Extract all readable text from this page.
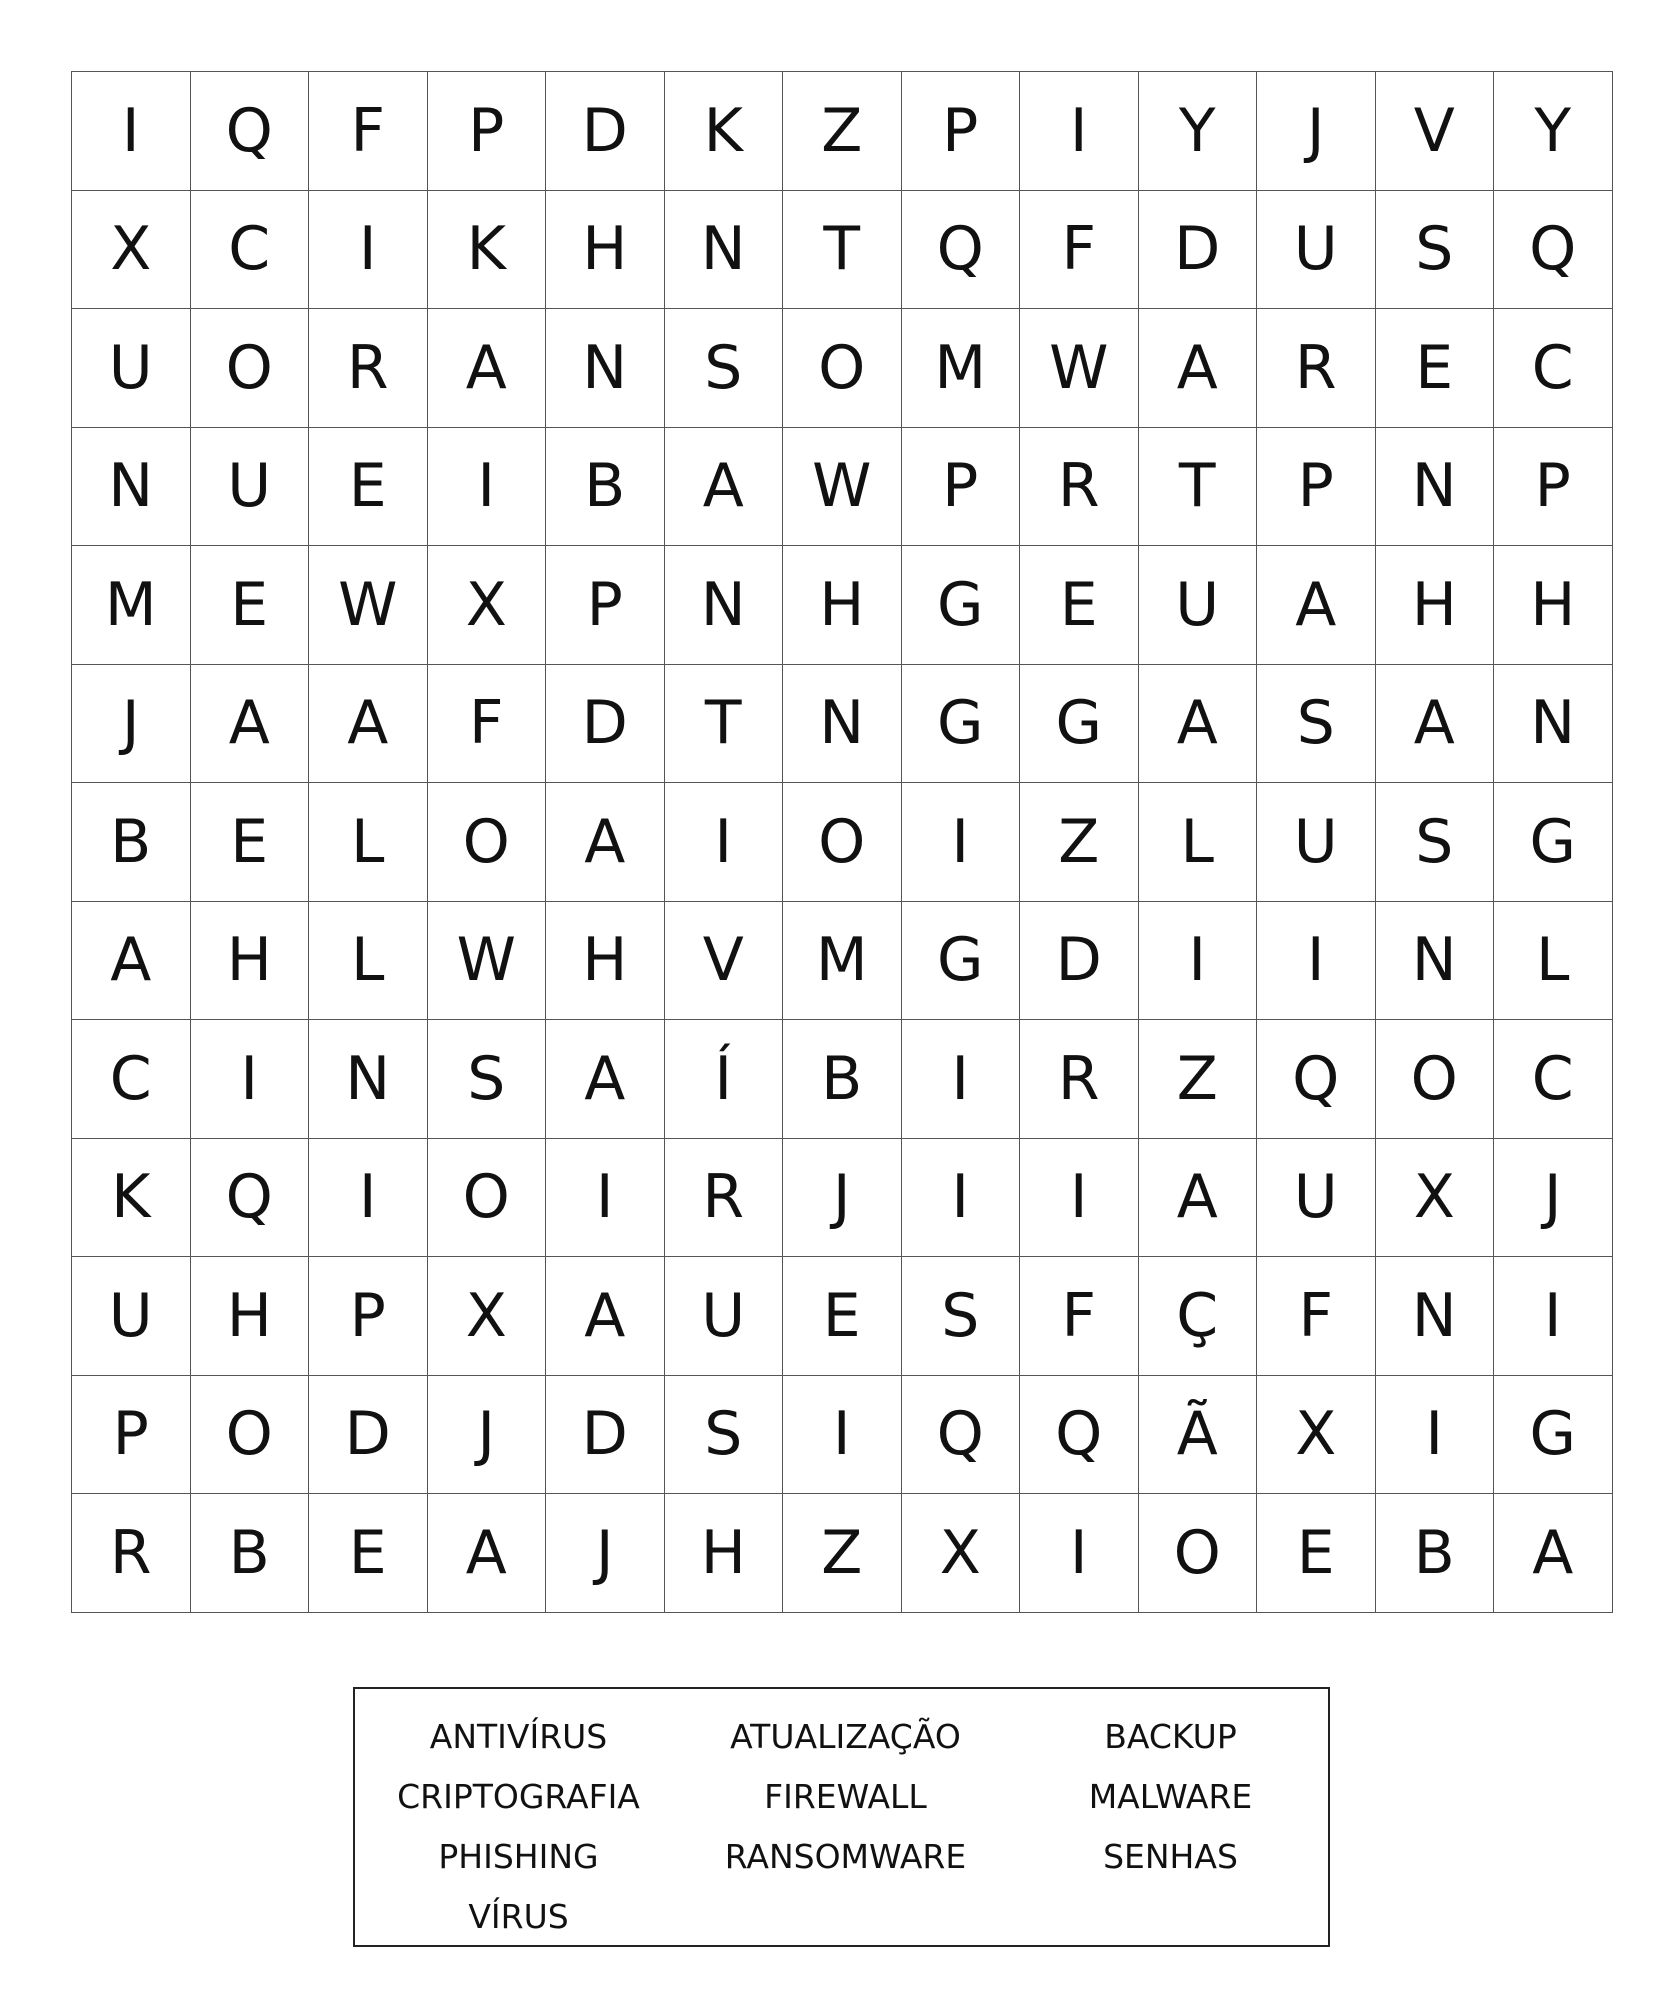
I	Q	F	P	D	K	Z	P	I	Y	J	V	Y
X	C	I	K	H	N	T	Q	F	D	U	S	Q
U	O	R	A	N	S	O	M	W	A	R	E	C
N	U	E	I	B	A	W	P	R	T	P	N	P
M	E	W	X	P	N	H	G	E	U	A	H	H
J	A	A	F	D	T	N	G	G	A	S	A	N
B	E	L	O	A	I	O	I	Z	L	U	S	G
A	H	L	W	H	V	M	G	D	I	I	N	L
C	I	N	S	A	Í	B	I	R	Z	Q	O	C
K	Q	I	O	I	R	J	I	I	A	U	X	J
U	H	P	X	A	U	E	S	F	Ç	F	N	I
P	O	D	J	D	S	I	Q	Q	Ã	X	I	G
R	B	E	A	J	H	Z	X	I	O	E	B	A
ANTIVÍRUS	ATUALIZAÇÃO	BACKUP
CRIPTOGRAFIA	FIREWALL	MALWARE
PHISHING	RANSOMWARE	SENHAS
VÍRUS
